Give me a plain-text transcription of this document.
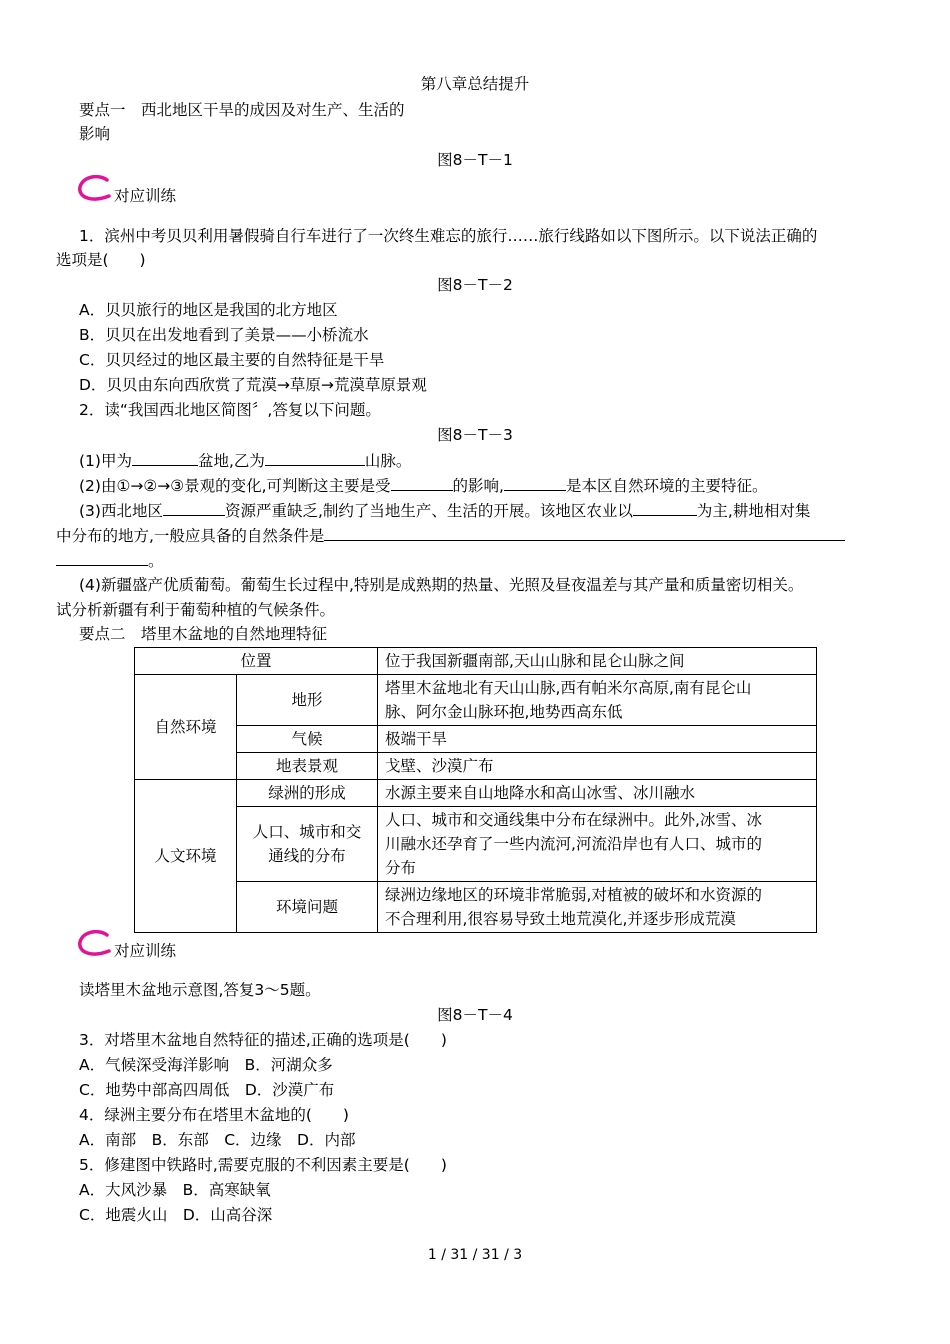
第八章总结提升
要点一　西北地区干旱的成因及对生产、生活的
影响
图8－T－1
对应训练
1．滨州中考贝贝利用暑假骑自行车进行了一次终生难忘的旅行……旅行线路如以下图所示。以下说法正确的
选项是(　　)
图8－T－2
A．贝贝旅行的地区是我国的北方地区
B．贝贝在出发地看到了美景——小桥流水
C．贝贝经过的地区最主要的自然特征是干旱
D．贝贝由东向西欣赏了荒漠→草原→荒漠草原景观
2．读“我国西北地区简图〞,答复以下问题。
图8－T－3
(1)甲为	盆地,乙为	山脉。
(2)由①→②→③景观的变化,可判断这主要是受	的影响,	是本区自然环境的主要特征。
(3)西北地区	资源严重缺乏,制约了当地生产、生活的开展。该地区农业以	为主,耕地相对集
中分布的地方,一般应具备的自然条件是
。
(4)新疆盛产优质葡萄。葡萄生长过程中,特别是成熟期的热量、光照及昼夜温差与其产量和质量密切相关。
试分析新疆有利于葡萄种植的气候条件。
要点二　塔里木盆地的自然地理特征
位置		位于我国新疆南部,天山山脉和昆仑山脉之间
自然环境	地形	塔里木盆地北有天山山脉,西有帕米尔高原,南有昆仑山
脉、阿尔金山脉环抱,地势西高东低
	气候	极端干旱
	地表景观	戈壁、沙漠广布
人文环境	绿洲的形成	水源主要来自山地降水和高山冰雪、冰川融水
	人口、城市和交
通线的分布	人口、城市和交通线集中分布在绿洲中。此外,冰雪、冰
川融水还孕育了一些内流河,河流沿岸也有人口、城市的
分布
	环境问题	绿洲边缘地区的环境非常脆弱,对植被的破坏和水资源的
不合理利用,很容易导致土地荒漠化,并逐步形成荒漠
对应训练
读塔里木盆地示意图,答复3～5题。
图8－T－4
3．对塔里木盆地自然特征的描述,正确的选项是(　　)
A．气候深受海洋影响　B．河湖众多
C．地势中部高四周低　D．沙漠广布
4．绿洲主要分布在塔里木盆地的(　　)
A．南部　B．东部　C．边缘　D．内部
5．修建图中铁路时,需要克服的不利因素主要是(　　)
A．大风沙暴　B．高寒缺氧
C．地震火山　D．山高谷深
1 / 31 / 31 / 3
